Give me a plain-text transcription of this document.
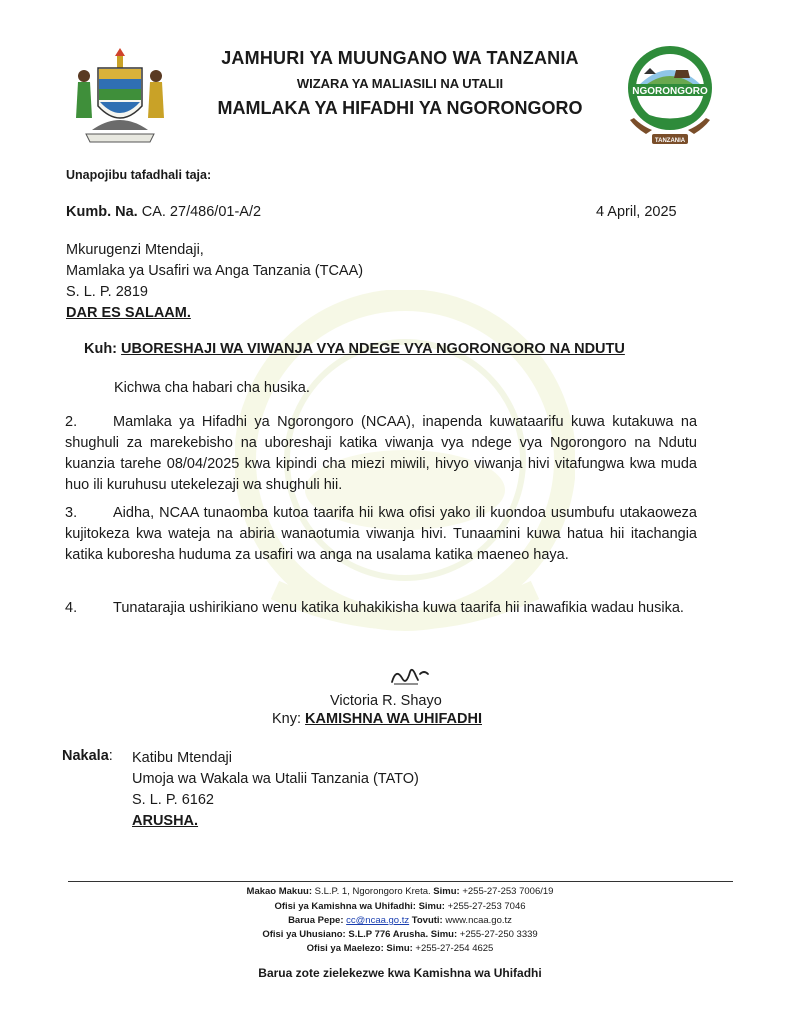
JAMHURI YA MUUNGANO WA TANZANIA
WIZARA YA MALIASILI NA UTALII
MAMLAKA YA HIFADHI YA NGORONGORO
NGORONGORO
TANZANIA
Unapojibu tafadhali taja:
Kumb. Na. CA. 27/486/01-A/2	4 April, 2025
Mkurugenzi Mtendaji,
Mamlaka ya Usafiri wa Anga Tanzania (TCAA)
S. L. P. 2819
DAR ES SALAAM.
Kuh: UBORESHAJI WA VIWANJA VYA NDEGE VYA NGORONGORO NA NDUTU
Kichwa cha habari cha husika.
2. Mamlaka ya Hifadhi ya Ngorongoro (NCAA), inapenda kuwataarifu kuwa kutakuwa na shughuli za marekebisho na uboreshaji katika viwanja vya ndege vya Ngorongoro na Ndutu kuanzia tarehe 08/04/2025 kwa kipindi cha miezi miwili, hivyo viwanja hivi vitafungwa kwa muda huo ili kuruhusu utekelezaji wa shughuli hii.
3. Aidha, NCAA tunaomba kutoa taarifa hii kwa ofisi yako ili kuondoa usumbufu utakaoweza kujitokeza kwa wateja na abiria wanaotumia viwanja hivi. Tunaamini kuwa hatua hii itachangia katika kuboresha huduma za usafiri wa anga na usalama katika maeneo haya.
4. Tunatarajia ushirikiano wenu katika kuhakikisha kuwa taarifa hii inawafikia wadau husika.
Victoria R. Shayo
Kny: KAMISHNA WA UHIFADHI
Nakala: Katibu Mtendaji
Umoja wa Wakala wa Utalii Tanzania (TATO)
S. L. P. 6162
ARUSHA.
Makao Makuu: S.L.P. 1, Ngorongoro Kreta. Simu: +255-27-253 7006/19
Ofisi ya Kamishna wa Uhifadhi: Simu: +255-27-253 7046
Barua Pepe: cc@ncaa.go.tz Tovuti: www.ncaa.go.tz
Ofisi ya Uhusiano: S.L.P 776 Arusha. Simu: +255-27-250 3339
Ofisi ya Maelezo: Simu: +255-27-254 4625
Barua zote zielekezwe kwa Kamishna wa Uhifadhi
